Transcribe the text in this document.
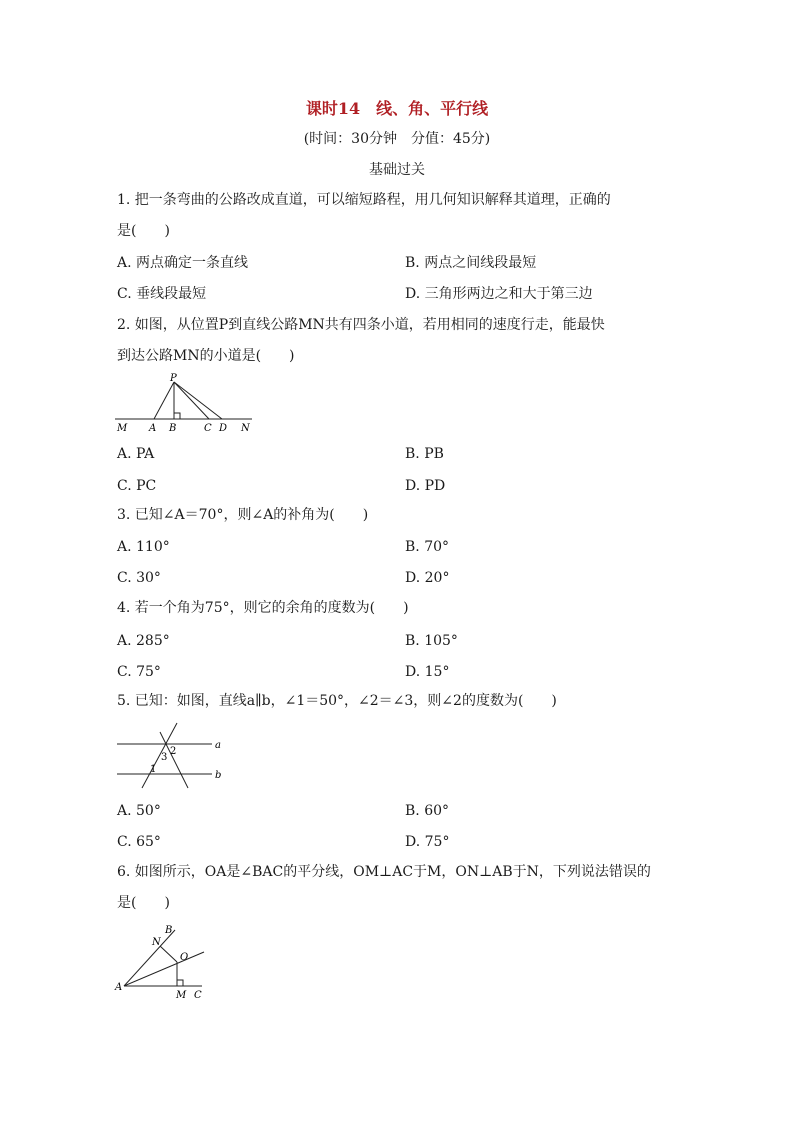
课时14　线、角、平行线
(时间：30分钟　分值：45分)
基础过关
1. 把一条弯曲的公路改成直道，可以缩短路程，用几何知识解释其道理，正确的
是(　　)
A. 两点确定一条直线	B. 两点之间线段最短
C. 垂线段最短	D. 三角形两边之和大于第三边
2. 如图，从位置P到直线公路MN共有四条小道，若用相同的速度行走，能最快
到达公路MN的小道是(　　)
P
M A B	C D N
A. PA	B. PB
C. PC	D. PD
3. 已知∠A＝70°，则∠A的补角为(　　)
A. 110°	B. 70°
C. 30°	D. 20°
4. 若一个角为75°，则它的余角的度数为(　　)
A. 285°	B. 105°
C. 75°	D. 15°
5. 已知：如图，直线a∥b，∠1＝50°，∠2＝∠3，则∠2的度数为(　　)
a
b
2
3
1
A. 50°	B. 60°
C. 65°	D. 75°
6. 如图所示，OA是∠BAC的平分线，OM⊥AC于M，ON⊥AB于N，下列说法错误的
是(　　)
A
B
N
O
M C
